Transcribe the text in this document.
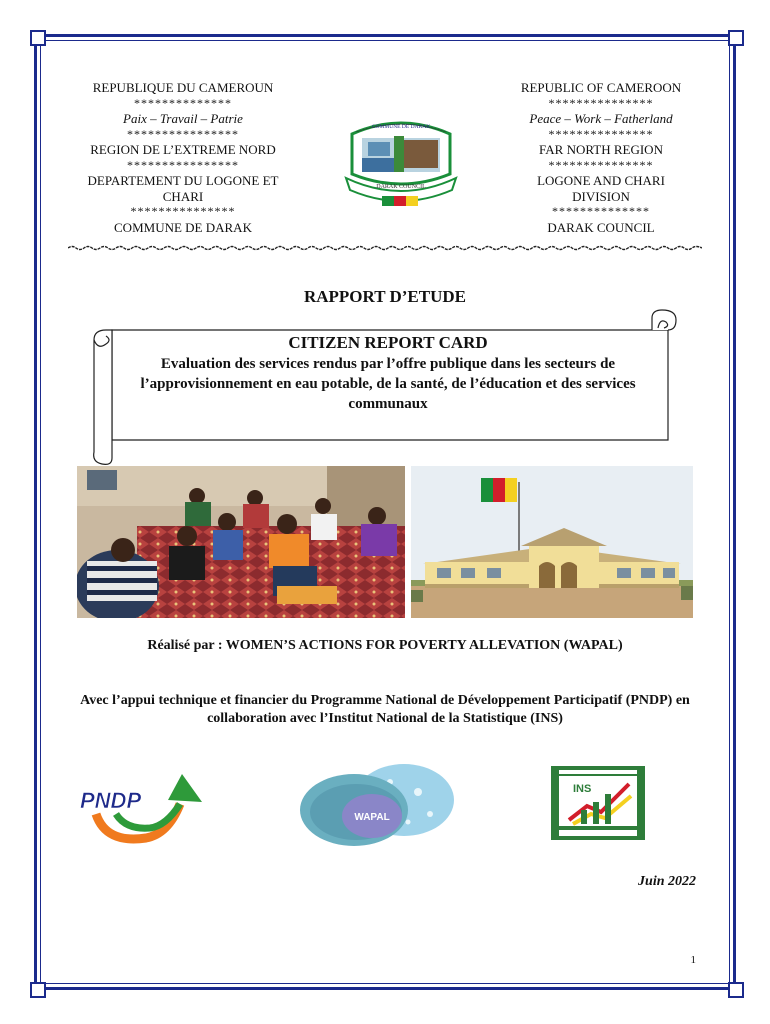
REPUBLIQUE DU CAMEROUN
**************
Paix – Travail – Patrie
****************
REGION DE L’EXTREME NORD
****************
DEPARTEMENT DU LOGONE ET
CHARI
***************
COMMUNE DE DARAK
REPUBLIC OF CAMEROON
***************
Peace – Work – Fatherland
***************
FAR NORTH REGION
***************
LOGONE AND CHARI
DIVISION
**************
DARAK COUNCIL
COMMUNE DE DARAK
DARAK COUNCIL
RAPPORT D’ETUDE
CITIZEN REPORT CARD
Evaluation des services rendus par l’offre publique dans les secteurs de l’approvisionnement en eau potable, de la santé, de l’éducation et des services communaux
Réalisé par : WOMEN’S ACTIONS FOR POVERTY ALLEVATION (WAPAL)
Avec l’appui technique et financier du Programme National de Développement Participatif (PNDP) en collaboration avec l’Institut National de la Statistique (INS)
PNDP
WAPAL
INS
Juin 2022
1
